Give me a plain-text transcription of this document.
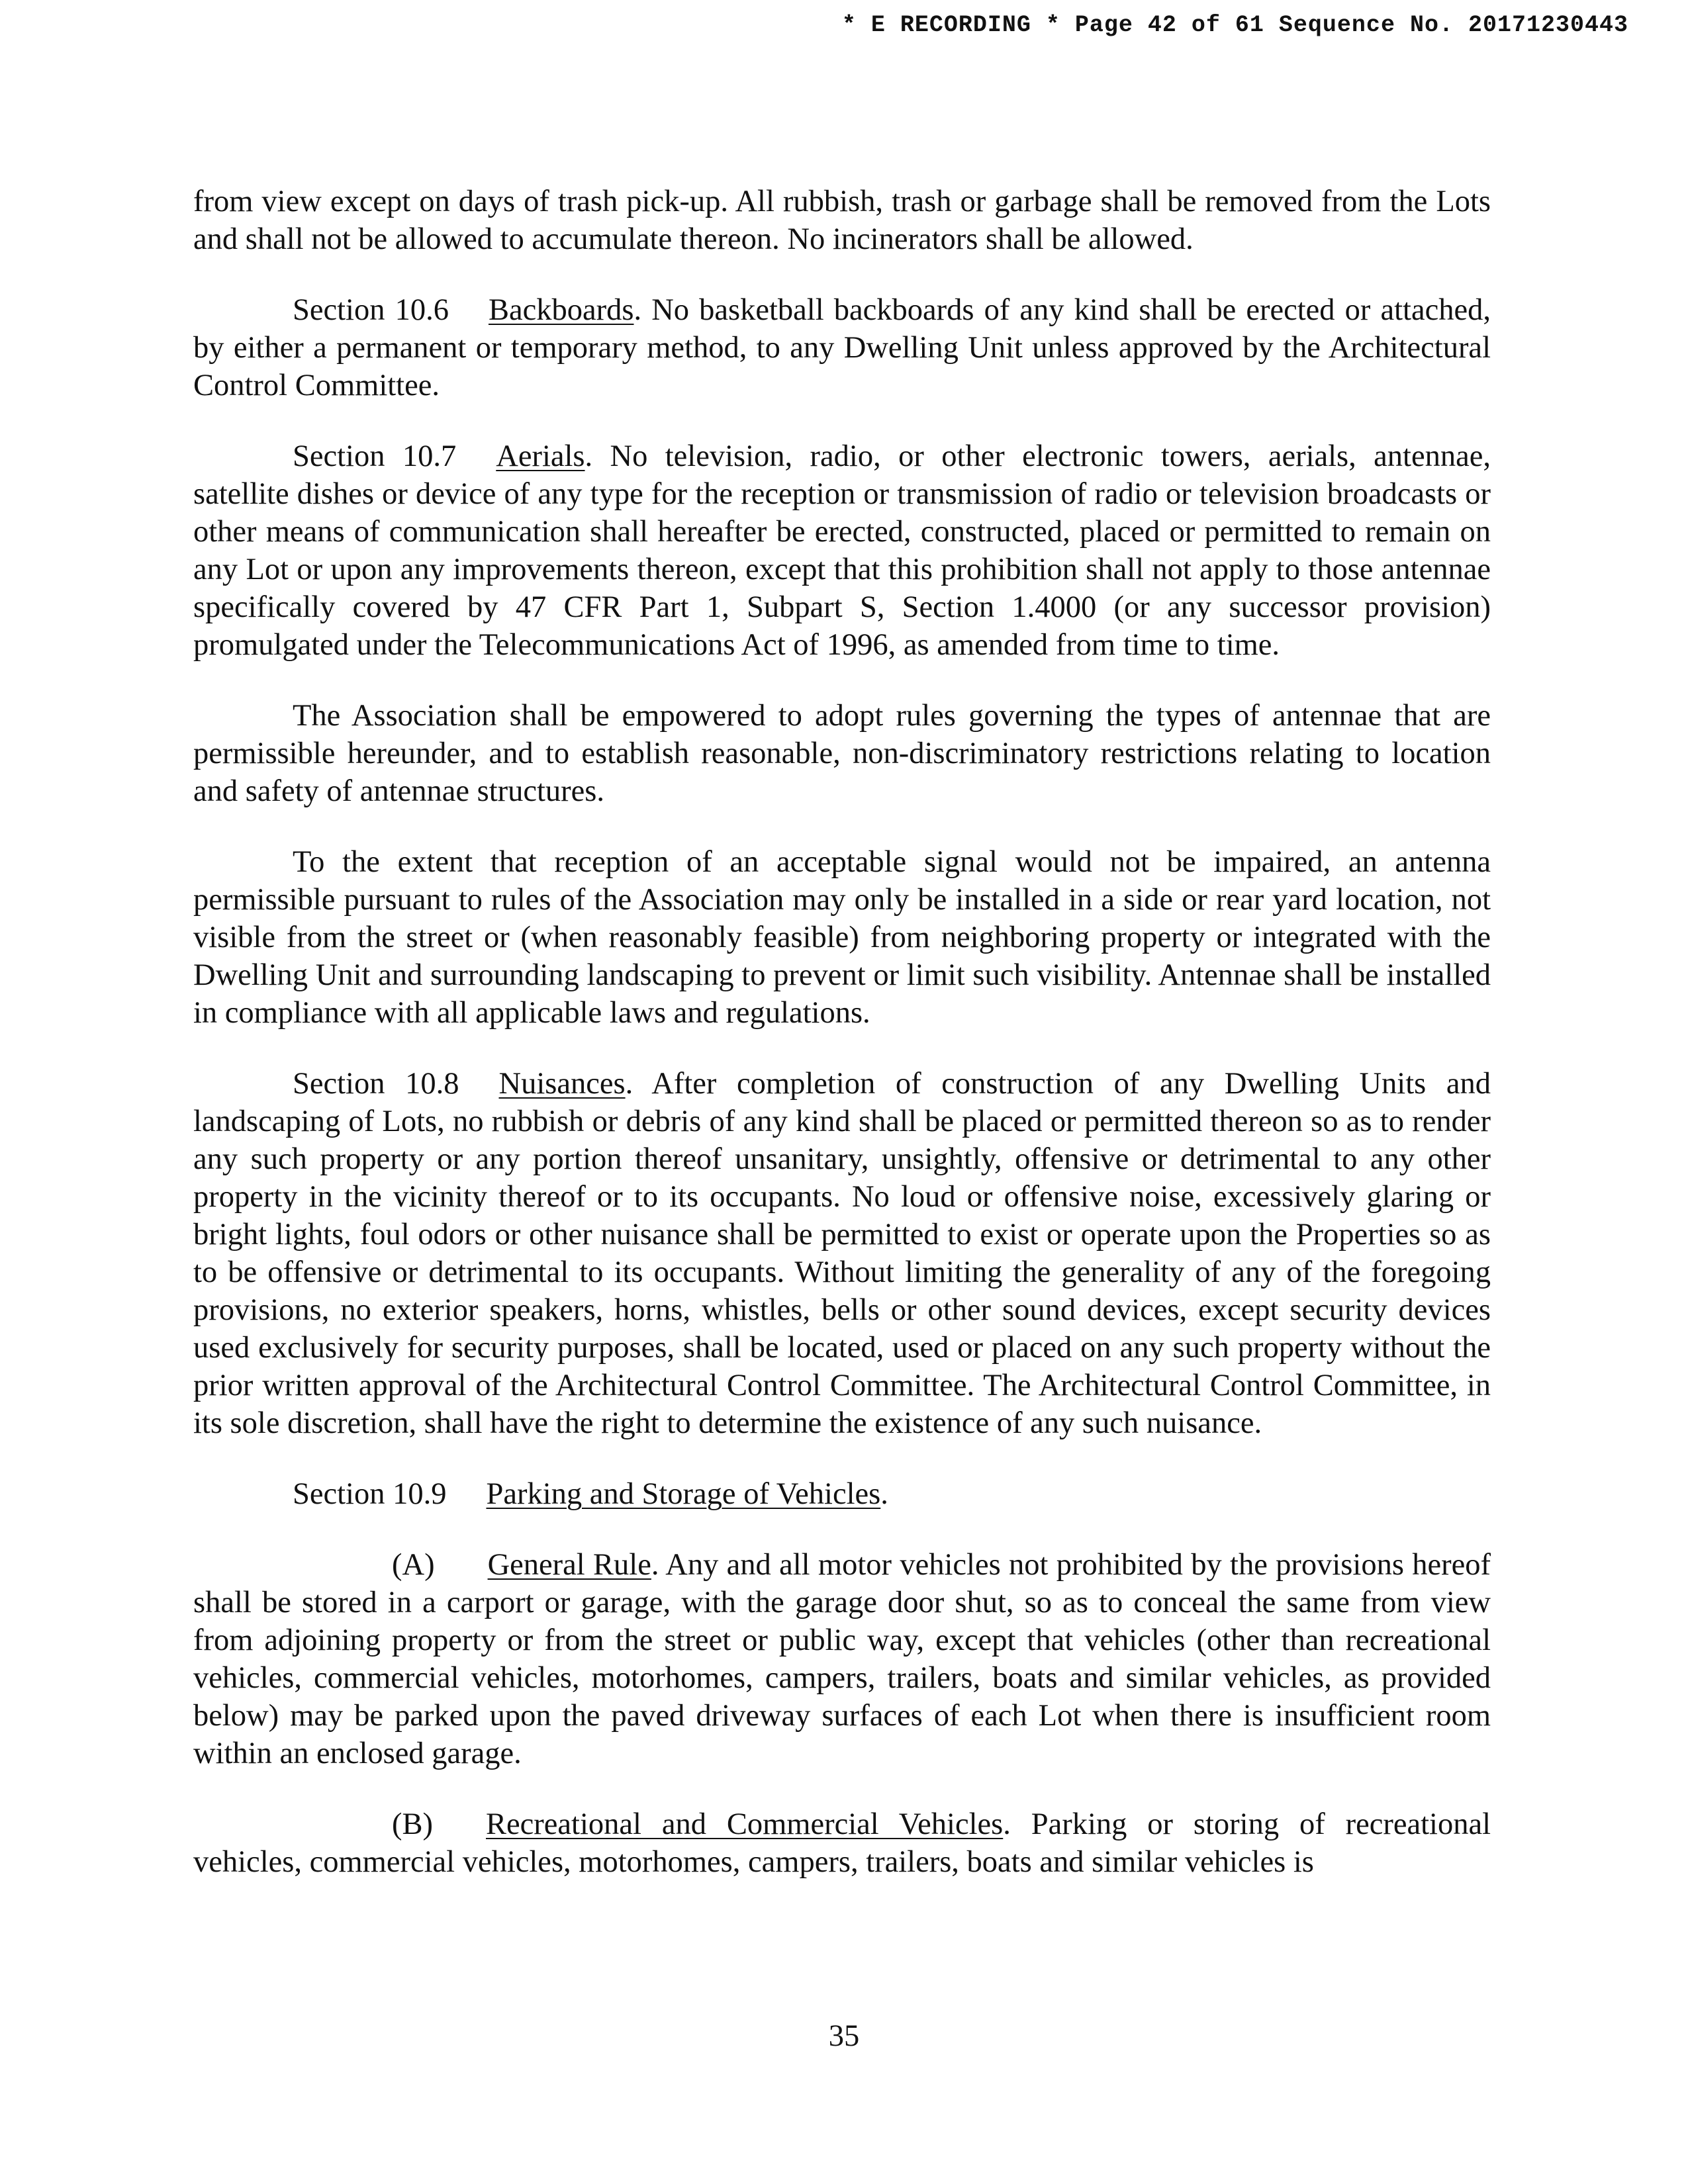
* E RECORDING * Page 42 of 61 Sequence No. 20171230443

from view except on days of trash pick-up. All rubbish, trash or garbage shall be removed from the Lots and shall not be allowed to accumulate thereon. No incinerators shall be allowed.

Section 10.6 Backboards. No basketball backboards of any kind shall be erected or attached, by either a permanent or temporary method, to any Dwelling Unit unless approved by the Architectural Control Committee.

Section 10.7 Aerials. No television, radio, or other electronic towers, aerials, antennae, satellite dishes or device of any type for the reception or transmission of radio or television broadcasts or other means of communication shall hereafter be erected, constructed, placed or permitted to remain on any Lot or upon any improvements thereon, except that this prohibition shall not apply to those antennae specifically covered by 47 CFR Part 1, Subpart S, Section 1.4000 (or any successor provision) promulgated under the Telecommunications Act of 1996, as amended from time to time.

The Association shall be empowered to adopt rules governing the types of antennae that are permissible hereunder, and to establish reasonable, non-discriminatory restrictions relating to location and safety of antennae structures.

To the extent that reception of an acceptable signal would not be impaired, an antenna permissible pursuant to rules of the Association may only be installed in a side or rear yard location, not visible from the street or (when reasonably feasible) from neighboring property or integrated with the Dwelling Unit and surrounding landscaping to prevent or limit such visibility. Antennae shall be installed in compliance with all applicable laws and regulations.

Section 10.8 Nuisances. After completion of construction of any Dwelling Units and landscaping of Lots, no rubbish or debris of any kind shall be placed or permitted thereon so as to render any such property or any portion thereof unsanitary, unsightly, offensive or detrimental to any other property in the vicinity thereof or to its occupants. No loud or offensive noise, excessively glaring or bright lights, foul odors or other nuisance shall be permitted to exist or operate upon the Properties so as to be offensive or detrimental to its occupants. Without limiting the generality of any of the foregoing provisions, no exterior speakers, horns, whistles, bells or other sound devices, except security devices used exclusively for security purposes, shall be located, used or placed on any such property without the prior written approval of the Architectural Control Committee. The Architectural Control Committee, in its sole discretion, shall have the right to determine the existence of any such nuisance.

Section 10.9 Parking and Storage of Vehicles.

(A) General Rule. Any and all motor vehicles not prohibited by the provisions hereof shall be stored in a carport or garage, with the garage door shut, so as to conceal the same from view from adjoining property or from the street or public way, except that vehicles (other than recreational vehicles, commercial vehicles, motorhomes, campers, trailers, boats and similar vehicles, as provided below) may be parked upon the paved driveway surfaces of each Lot when there is insufficient room within an enclosed garage.

(B) Recreational and Commercial Vehicles. Parking or storing of recreational vehicles, commercial vehicles, motorhomes, campers, trailers, boats and similar vehicles is

35
